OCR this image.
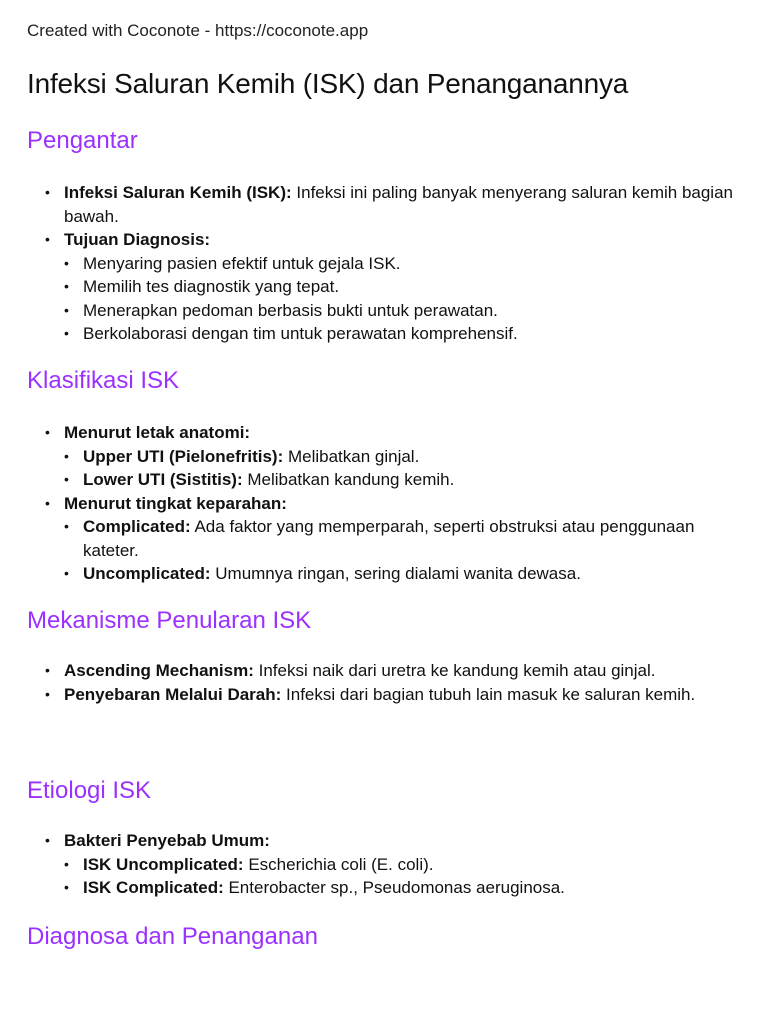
Created with Coconote - https://coconote.app
Infeksi Saluran Kemih (ISK) dan Penanganannya
Pengantar
• Infeksi Saluran Kemih (ISK): Infeksi ini paling banyak menyerang saluran kemih bagian bawah.
• Tujuan Diagnosis:
• Menyaring pasien efektif untuk gejala ISK.
• Memilih tes diagnostik yang tepat.
• Menerapkan pedoman berbasis bukti untuk perawatan.
• Berkolaborasi dengan tim untuk perawatan komprehensif.
Klasifikasi ISK
• Menurut letak anatomi:
• Upper UTI (Pielonefritis): Melibatkan ginjal.
• Lower UTI (Sistitis): Melibatkan kandung kemih.
• Menurut tingkat keparahan:
• Complicated: Ada faktor yang memperparah, seperti obstruksi atau penggunaan kateter.
• Uncomplicated: Umumnya ringan, sering dialami wanita dewasa.
Mekanisme Penularan ISK
• Ascending Mechanism: Infeksi naik dari uretra ke kandung kemih atau ginjal.
• Penyebaran Melalui Darah: Infeksi dari bagian tubuh lain masuk ke saluran kemih.
Etiologi ISK
• Bakteri Penyebab Umum:
• ISK Uncomplicated: Escherichia coli (E. coli).
• ISK Complicated: Enterobacter sp., Pseudomonas aeruginosa.
Diagnosa dan Penanganan
